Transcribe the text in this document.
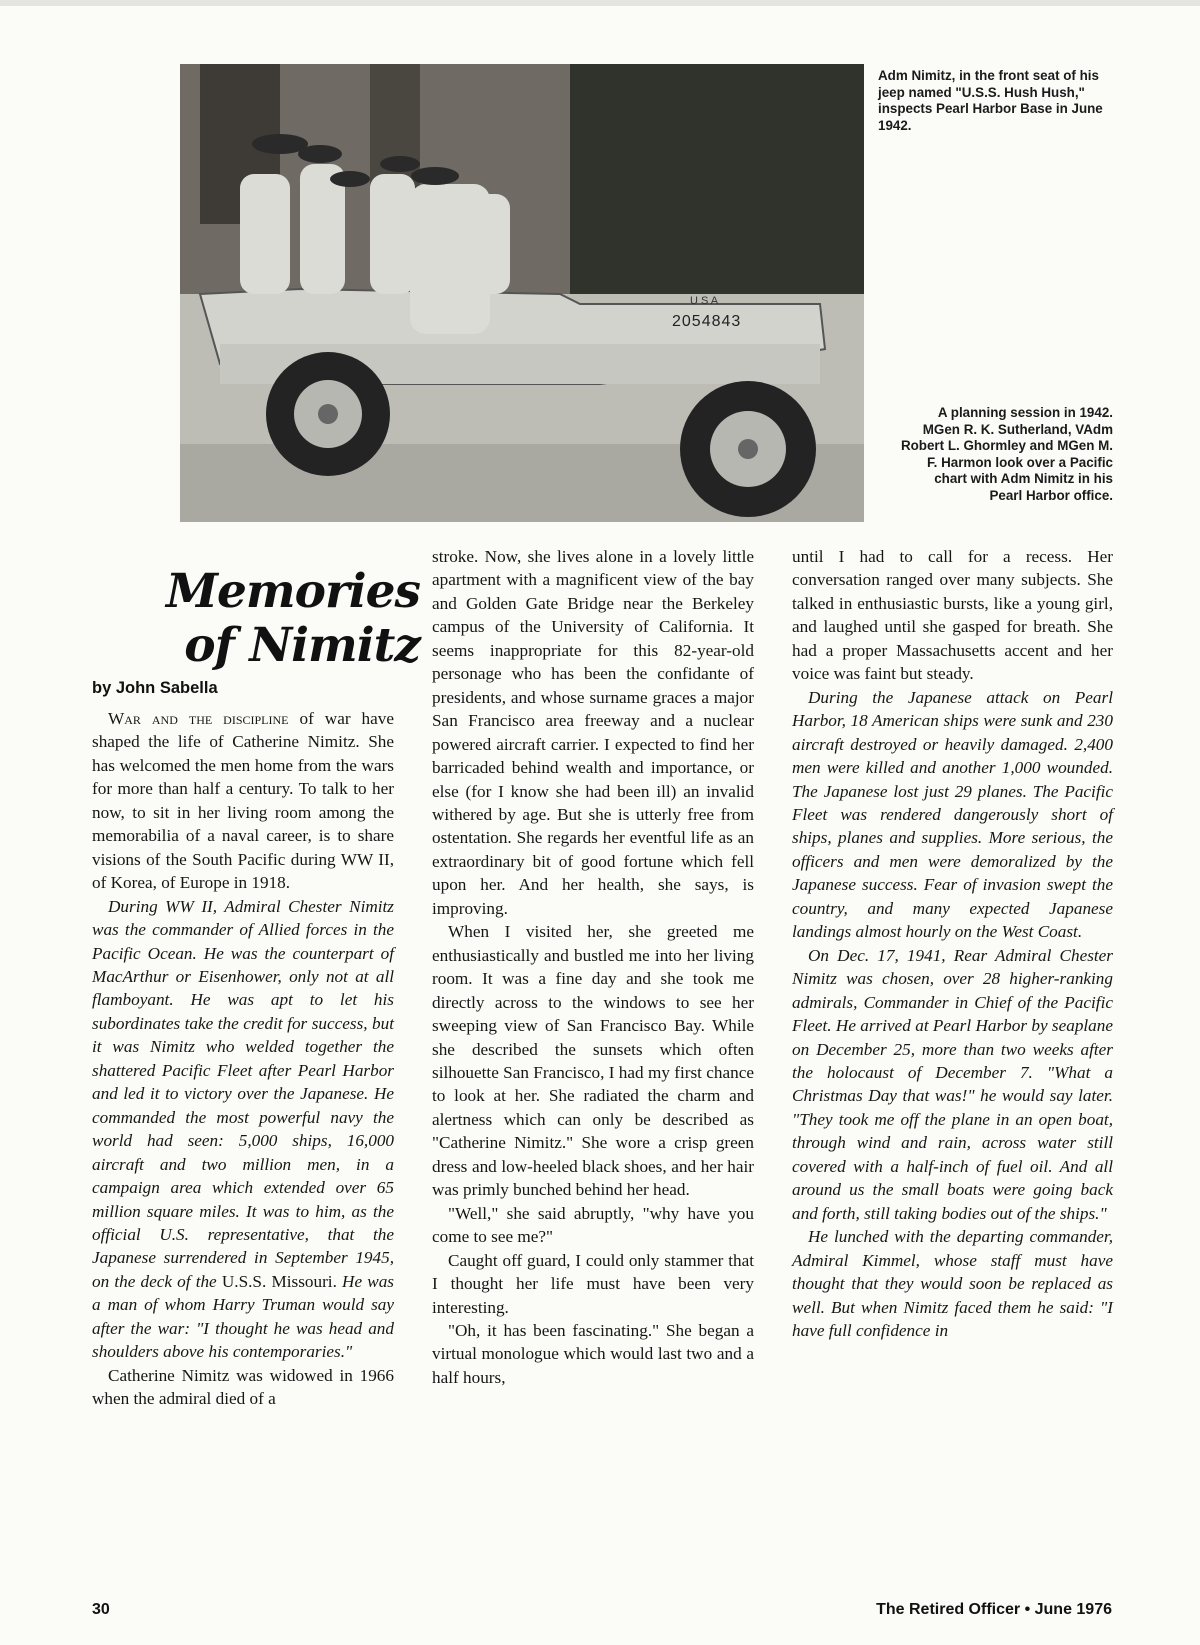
U S A
2054843
Adm Nimitz, in the front seat of his jeep named "U.S.S. Hush Hush," inspects Pearl Harbor Base in June 1942.
A planning session in 1942. MGen R. K. Sutherland, VAdm Robert L. Ghormley and MGen M. F. Harmon look over a Pacific chart with Adm Nimitz in his Pearl Harbor office.
Memories
of Nimitz
by John Sabella

War and the discipline of war have shaped the life of Catherine Nimitz. She has welcomed the men home from the wars for more than half a century. To talk to her now, to sit in her living room among the memorabilia of a naval career, is to share visions of the South Pacific during WW II, of Korea, of Europe in 1918.

During WW II, Admiral Chester Nimitz was the commander of Allied forces in the Pacific Ocean. He was the counterpart of MacArthur or Eisenhower, only not at all flamboyant. He was apt to let his subordinates take the credit for success, but it was Nimitz who welded together the shattered Pacific Fleet after Pearl Harbor and led it to victory over the Japanese. He commanded the most powerful navy the world had seen: 5,000 ships, 16,000 aircraft and two million men, in a campaign area which extended over 65 million square miles. It was to him, as the official U.S. representative, that the Japanese surrendered in September 1945, on the deck of the U.S.S. Missouri. He was a man of whom Harry Truman would say after the war: "I thought he was head and shoulders above his contemporaries."

Catherine Nimitz was widowed in 1966 when the admiral died of a

stroke. Now, she lives alone in a lovely little apartment with a magnificent view of the bay and Golden Gate Bridge near the Berkeley campus of the University of California. It seems inappropriate for this 82-year-old personage who has been the confidante of presidents, and whose surname graces a major San Francisco area freeway and a nuclear powered aircraft carrier. I expected to find her barricaded behind wealth and importance, or else (for I know she had been ill) an invalid withered by age. But she is utterly free from ostentation. She regards her eventful life as an extraordinary bit of good fortune which fell upon her. And her health, she says, is improving.

When I visited her, she greeted me enthusiastically and bustled me into her living room. It was a fine day and she took me directly across to the windows to see her sweeping view of San Francisco Bay. While she described the sunsets which often silhouette San Francisco, I had my first chance to look at her. She radiated the charm and alertness which can only be described as "Catherine Nimitz." She wore a crisp green dress and low-heeled black shoes, and her hair was primly bunched behind her head.

"Well," she said abruptly, "why have you come to see me?"

Caught off guard, I could only stammer that I thought her life must have been very interesting.

"Oh, it has been fascinating." She began a virtual monologue which would last two and a half hours,

until I had to call for a recess. Her conversation ranged over many subjects. She talked in enthusiastic bursts, like a young girl, and laughed until she gasped for breath. She had a proper Massachusetts accent and her voice was faint but steady.

During the Japanese attack on Pearl Harbor, 18 American ships were sunk and 230 aircraft destroyed or heavily damaged. 2,400 men were killed and another 1,000 wounded. The Japanese lost just 29 planes. The Pacific Fleet was rendered dangerously short of ships, planes and supplies. More serious, the officers and men were demoralized by the Japanese success. Fear of invasion swept the country, and many expected Japanese landings almost hourly on the West Coast.

On Dec. 17, 1941, Rear Admiral Chester Nimitz was chosen, over 28 higher-ranking admirals, Commander in Chief of the Pacific Fleet. He arrived at Pearl Harbor by seaplane on December 25, more than two weeks after the holocaust of December 7. "What a Christmas Day that was!" he would say later. "They took me off the plane in an open boat, through wind and rain, across water still covered with a half-inch of fuel oil. And all around us the small boats were going back and forth, still taking bodies out of the ships."

He lunched with the departing commander, Admiral Kimmel, whose staff must have thought that they would soon be replaced as well. But when Nimitz faced them he said: "I have full confidence in

30	The Retired Officer • June 1976
